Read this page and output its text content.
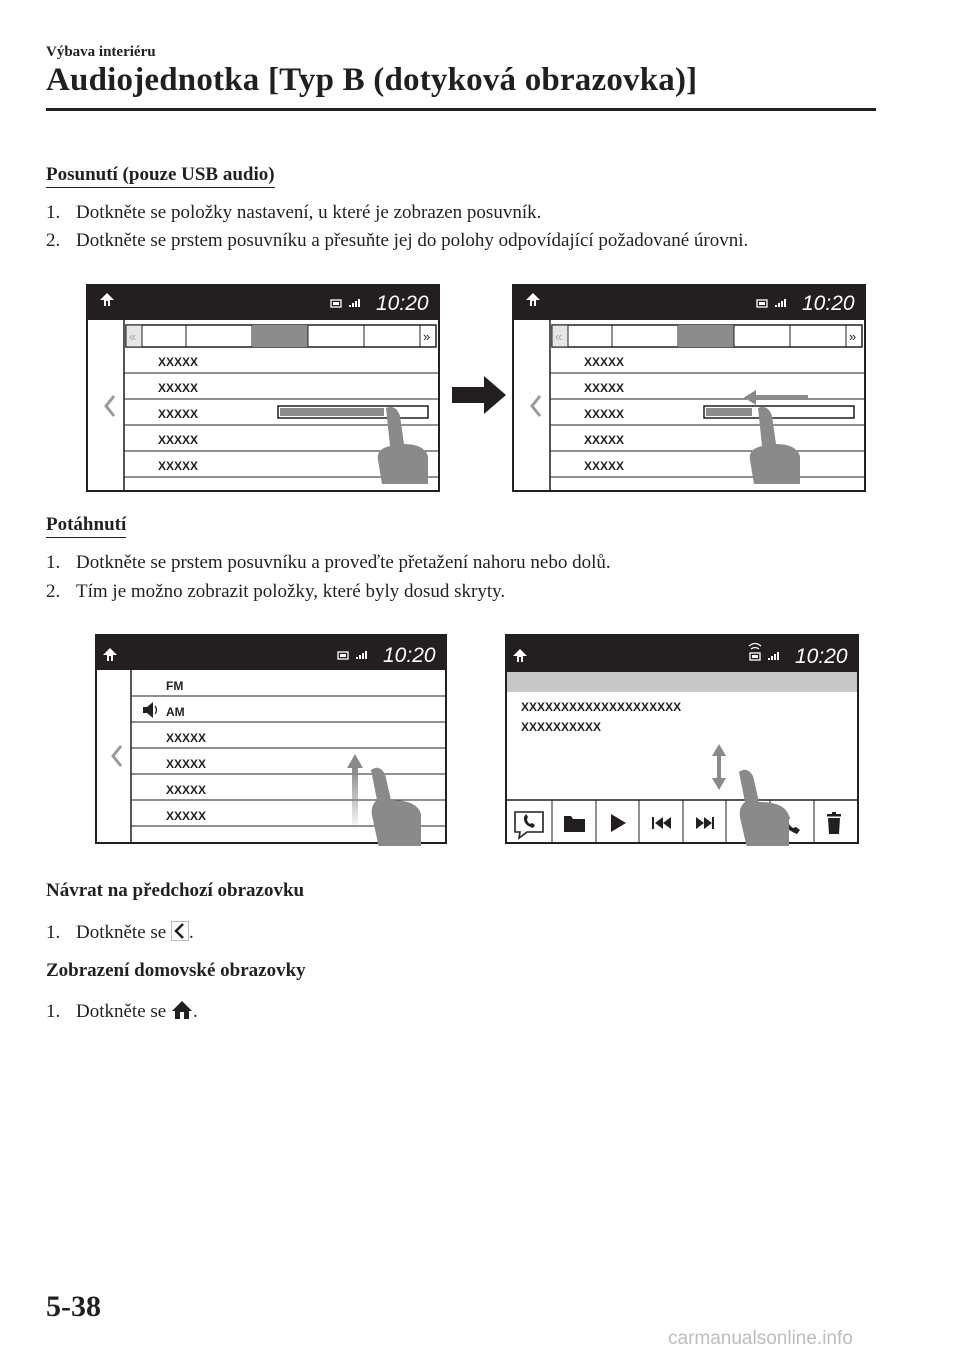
Výbava interiéru
Audiojednotka [Typ B (dotyková obrazovka)]
Posunutí (pouze USB audio)
1. Dotkněte se položky nastavení, u které je zobrazen posuvník.
2. Dotkněte se prstem posuvníku a přesuňte jej do polohy odpovídající požadované úrovni.
10:20
«	»
XXXXX
XXXXX
XXXXX
XXXXX
XXXXX
10:20
«	»
XXXXX
XXXXX
XXXXX
XXXXX
XXXXX
Potáhnutí
1. Dotkněte se prstem posuvníku a proveďte přetažení nahoru nebo dolů.
2. Tím je možno zobrazit položky, které byly dosud skryty.
10:20
FM
AM
XXXXX
XXXXX
XXXXX
XXXXX
10:20
XXXXXXXXXXXXXXXXXXXX
XXXXXXXXXX
Návrat na předchozí obrazovku
1. Dotkněte se .
Zobrazení domovské obrazovky
1. Dotkněte se .
5-38
carmanualsonline.info
